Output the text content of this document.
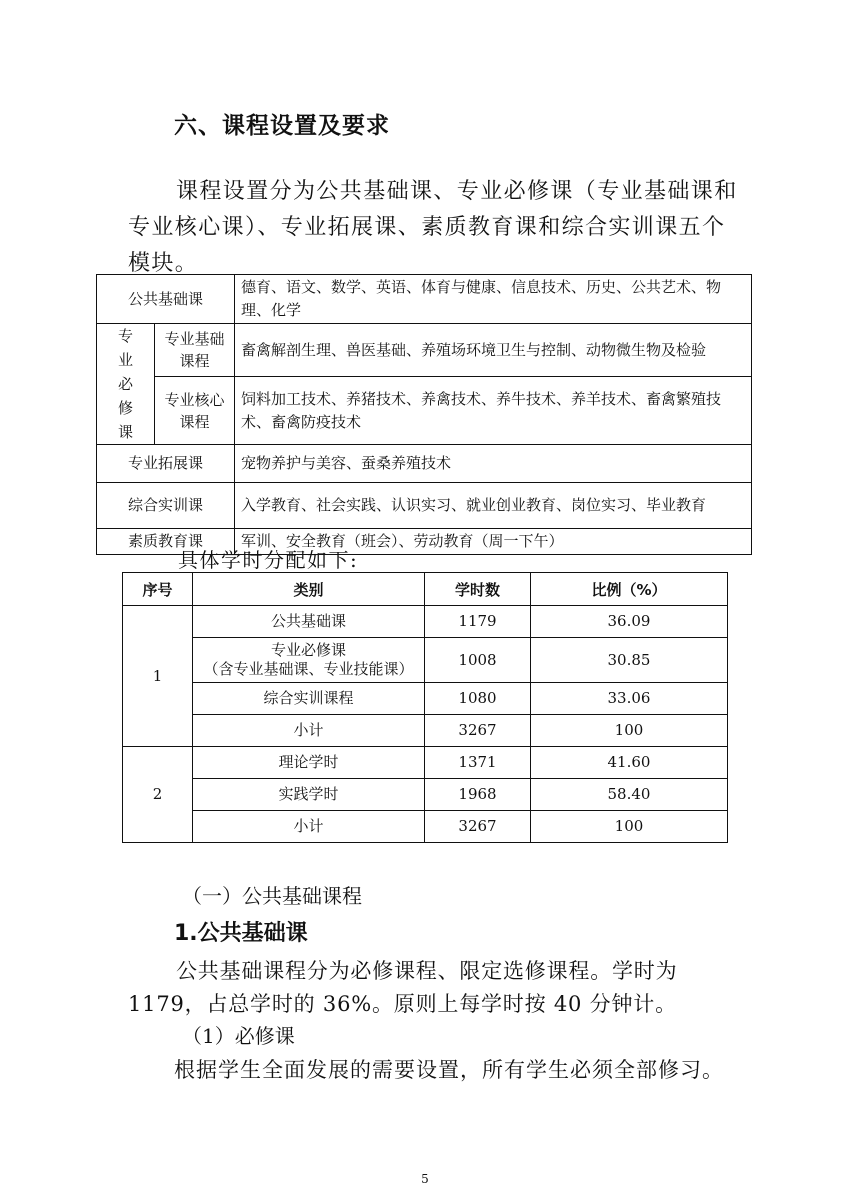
六、课程设置及要求
课程设置分为公共基础课、专业必修课（专业基础课和专业核心课）、专业拓展课、素质教育课和综合实训课五个模块。
公共基础课		德育、语文、数学、英语、体育与健康、信息技术、历史、公共艺术、物理、化学
专业必修课	专业基础课程	畜禽解剖生理、兽医基础、养殖场环境卫生与控制、动物微生物及检验
	专业核心课程	饲料加工技术、养猪技术、养禽技术、养牛技术、养羊技术、畜禽繁殖技术、畜禽防疫技术
专业拓展课		宠物养护与美容、蚕桑养殖技术
综合实训课		入学教育、社会实践、认识实习、就业创业教育、岗位实习、毕业教育
素质教育课		军训、安全教育（班会）、劳动教育（周一下午）
具体学时分配如下:
序号	类别	学时数	比例（%）
1	公共基础课	1179	36.09

	专业必修课
（含专业基础课、专业技能课）	1008	30.85
	综合实训课程	1080	33.06
	小计	3267	100
2	理论学时	1371	41.60
	实践学时	1968	58.40
	小计	3267	100
（一）公共基础课程
1.公共基础课
公共基础课程分为必修课程、限定选修课程。学时为1179，占总学时的 36%。原则上每学时按 40 分钟计。
（1）必修课
根据学生全面发展的需要设置，所有学生必须全部修习。
5
